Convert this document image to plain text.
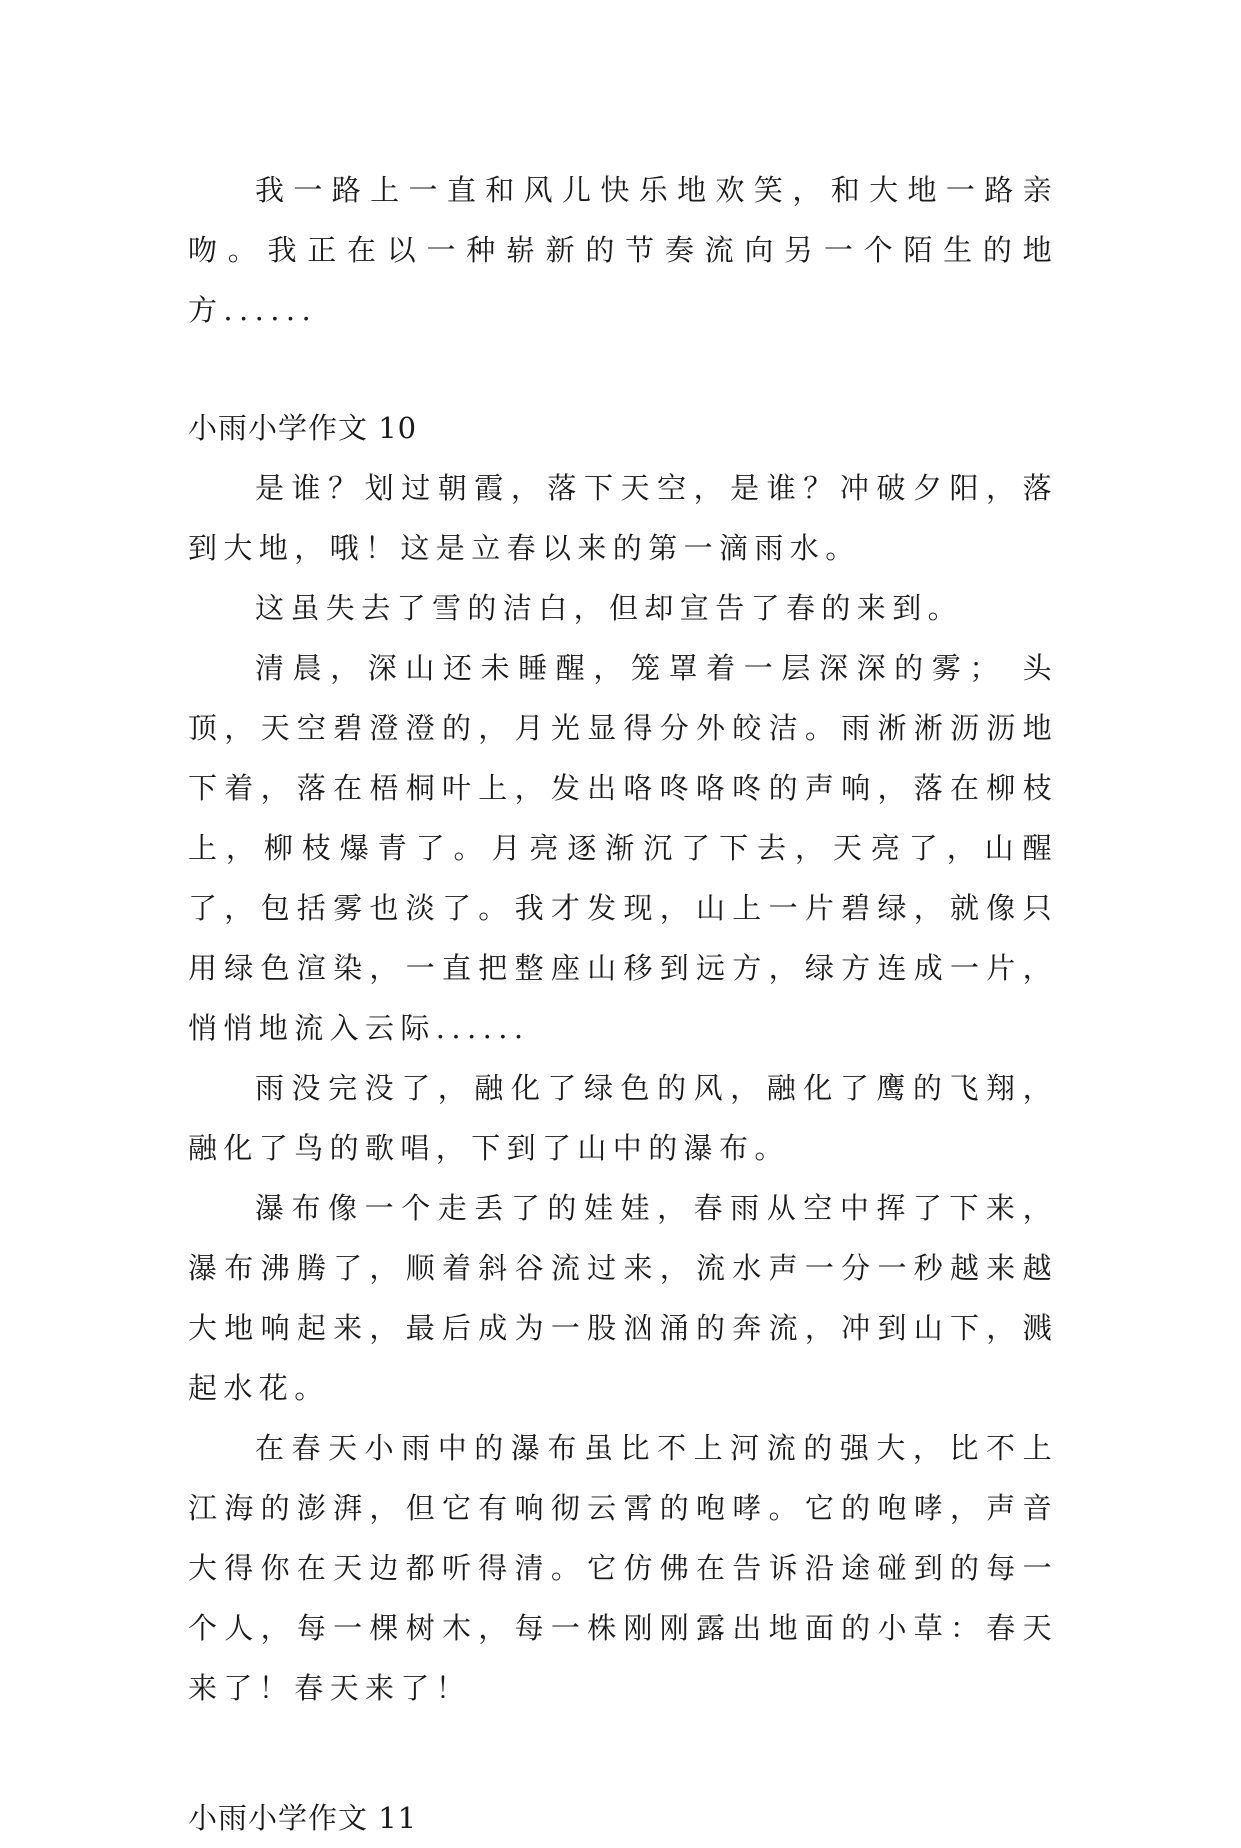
我一路上一直和风儿快乐地欢笑，和大地一路亲吻。我正在以一种崭新的节奏流向另一个陌生的地方......

小雨小学作文 10

是谁？划过朝霞，落下天空，是谁？冲破夕阳，落到大地，哦！这是立春以来的第一滴雨水。

这虽失去了雪的洁白，但却宣告了春的来到。

清晨，深山还未睡醒，笼罩着一层深深的雾； 头顶，天空碧澄澄的，月光显得分外皎洁。雨淅淅沥沥地下着，落在梧桐叶上，发出咯咚咯咚的声响，落在柳枝上，柳枝爆青了。月亮逐渐沉了下去，天亮了，山醒了，包括雾也淡了。我才发现，山上一片碧绿，就像只用绿色渲染，一直把整座山移到远方，绿方连成一片，悄悄地流入云际......

雨没完没了，融化了绿色的风，融化了鹰的飞翔，融化了鸟的歌唱，下到了山中的瀑布。

瀑布像一个走丢了的娃娃，春雨从空中挥了下来，瀑布沸腾了，顺着斜谷流过来，流水声一分一秒越来越大地响起来，最后成为一股汹涌的奔流，冲到山下，溅起水花。

在春天小雨中的瀑布虽比不上河流的强大，比不上江海的澎湃，但它有响彻云霄的咆哮。它的咆哮，声音大得你在天边都听得清。它仿佛在告诉沿途碰到的每一个人，每一棵树木，每一株刚刚露出地面的小草：春天来了！春天来了！

小雨小学作文 11
